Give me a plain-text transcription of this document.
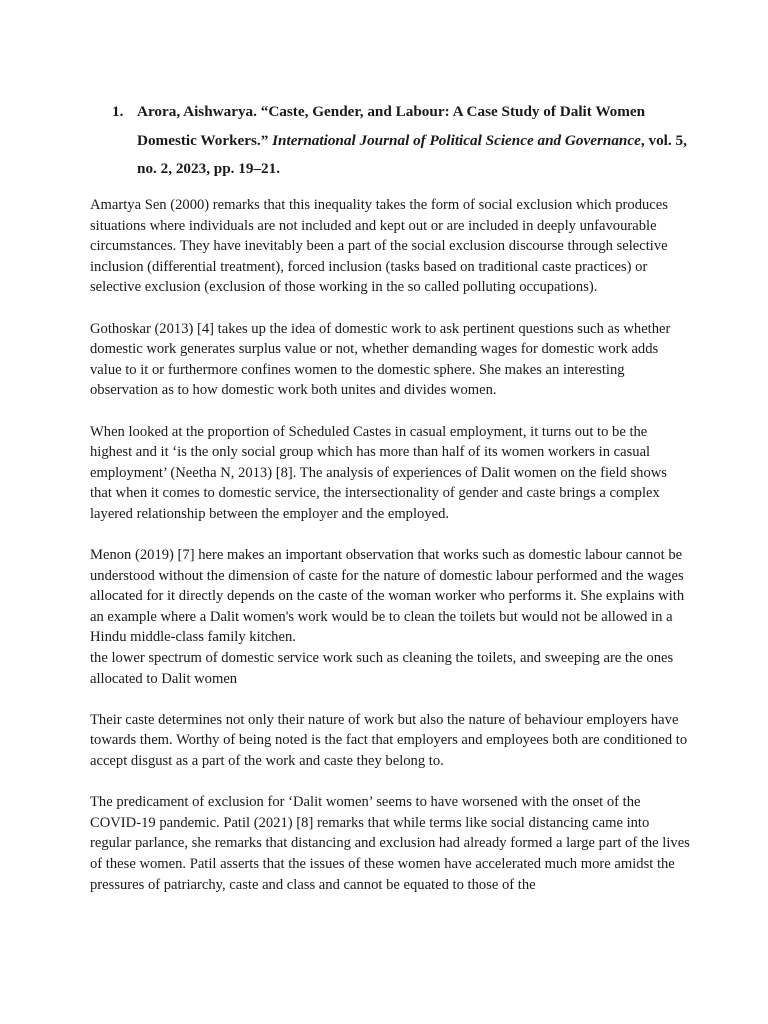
1. Arora, Aishwarya. “Caste, Gender, and Labour: A Case Study of Dalit Women Domestic Workers.” International Journal of Political Science and Governance, vol. 5, no. 2, 2023, pp. 19–21.

Amartya Sen (2000) remarks that this inequality takes the form of social exclusion which produces situations where individuals are not included and kept out or are included in deeply unfavourable circumstances. They have inevitably been a part of the social exclusion discourse through selective inclusion (differential treatment), forced inclusion (tasks based on traditional caste practices) or selective exclusion (exclusion of those working in the so called polluting occupations).

Gothoskar (2013) [4] takes up the idea of domestic work to ask pertinent questions such as whether domestic work generates surplus value or not, whether demanding wages for domestic work adds value to it or furthermore confines women to the domestic sphere. She makes an interesting observation as to how domestic work both unites and divides women.

When looked at the proportion of Scheduled Castes in casual employment, it turns out to be the highest and it ‘is the only social group which has more than half of its women workers in casual employment’ (Neetha N, 2013) [8]. The analysis of experiences of Dalit women on the field shows that when it comes to domestic service, the intersectionality of gender and caste brings a complex layered relationship between the employer and the employed.

Menon (2019) [7] here makes an important observation that works such as domestic labour cannot be understood without the dimension of caste for the nature of domestic labour performed and the wages allocated for it directly depends on the caste of the woman worker who performs it. She explains with an example where a Dalit women's work would be to clean the toilets but would not be allowed in a Hindu middle-class family kitchen.

the lower spectrum of domestic service work such as cleaning the toilets, and sweeping are the ones allocated to Dalit women

Their caste determines not only their nature of work but also the nature of behaviour employers have towards them. Worthy of being noted is the fact that employers and employees both are conditioned to accept disgust as a part of the work and caste they belong to.

The predicament of exclusion for ‘Dalit women’ seems to have worsened with the onset of the COVID-19 pandemic. Patil (2021) [8] remarks that while terms like social distancing came into regular parlance, she remarks that distancing and exclusion had already formed a large part of the lives of these women. Patil asserts that the issues of these women have accelerated much more amidst the pressures of patriarchy, caste and class and cannot be equated to those of the
